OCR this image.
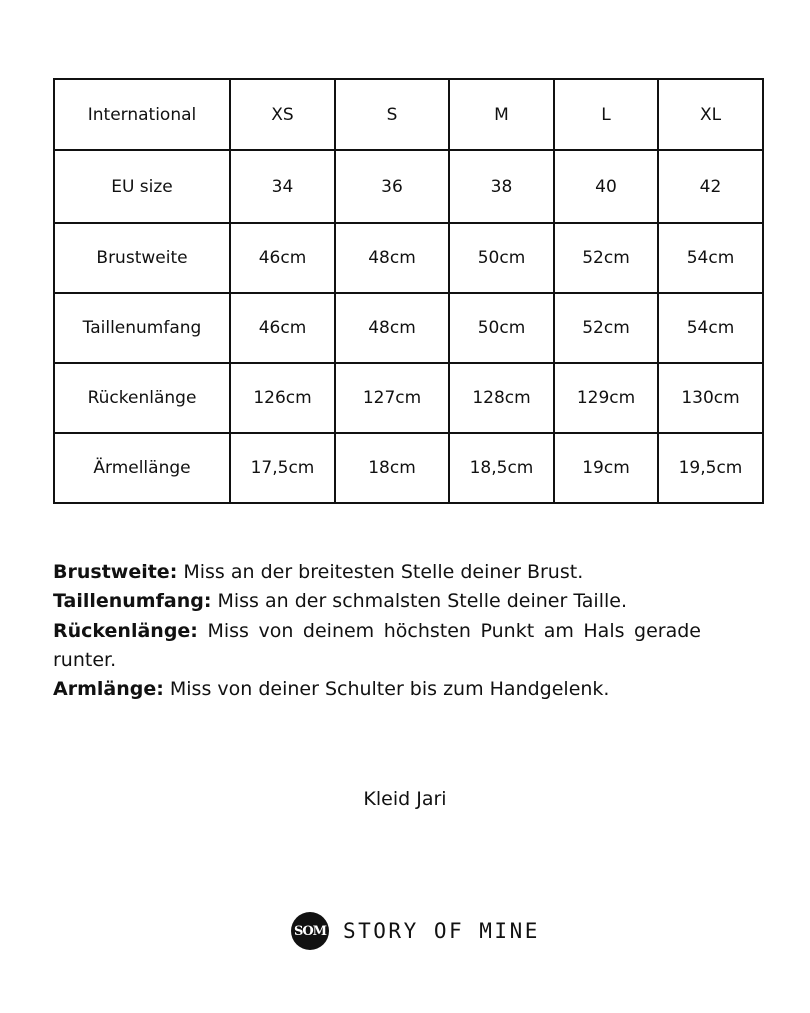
International	XS	S	M	L	XL
EU size	34	36	38	40	42
Brustweite	46cm	48cm	50cm	52cm	54cm
Taillenumfang	46cm	48cm	50cm	52cm	54cm
Rückenlänge	126cm	127cm	128cm	129cm	130cm
Ärmellänge	17,5cm	18cm	18,5cm	19cm	19,5cm

Brustweite: Miss an der breitesten Stelle deiner Brust.

Taillenumfang: Miss an der schmalsten Stelle deiner Taille.

Rückenlänge: Miss von deinem höchsten Punkt am Hals gerade runter.

Armlänge: Miss von deiner Schulter bis zum Handgelenk.

Kleid Jari
SOM STORY OF MINE
